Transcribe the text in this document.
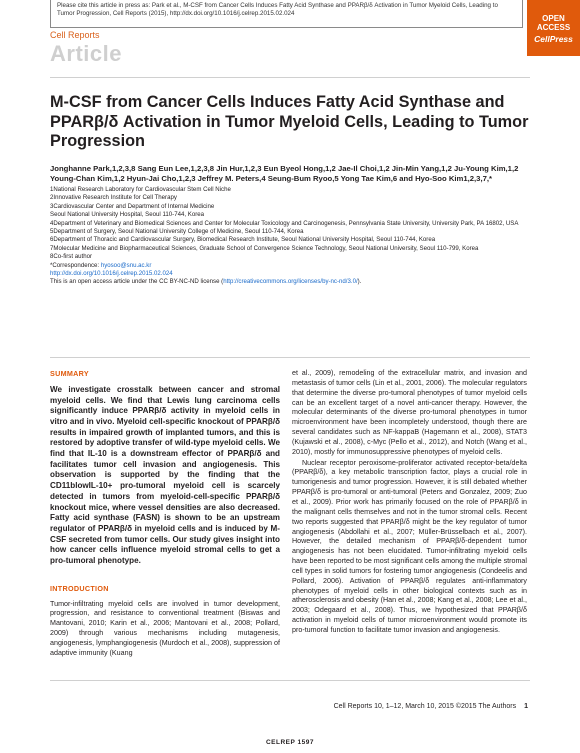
Please cite this article in press as: Park et al., M-CSF from Cancer Cells Induces Fatty Acid Synthase and PPARβ/δ Activation in Tumor Myeloid Cells, Leading to Tumor Progression, Cell Reports (2015), http://dx.doi.org/10.1016/j.celrep.2015.02.024
Cell Reports
Article
OPEN
ACCESS
CellPress
M-CSF from Cancer Cells Induces Fatty Acid Synthase and PPARβ/δ Activation in Tumor Myeloid Cells, Leading to Tumor Progression
Jonghanne Park,1,2,3,8 Sang Eun Lee,1,2,3,8 Jin Hur,1,2,3 Eun Byeol Hong,1,2 Jae-Il Choi,1,2 Jin-Min Yang,1,2 Ju-Young Kim,1,2 Young-Chan Kim,1,2 Hyun-Jai Cho,1,2,3 Jeffrey M. Peters,4 Seung-Bum Ryoo,5 Yong Tae Kim,6 and Hyo-Soo Kim1,2,3,7,*
1National Research Laboratory for Cardiovascular Stem Cell Niche
2Innovative Research Institute for Cell Therapy
3Cardiovascular Center and Department of Internal Medicine
Seoul National University Hospital, Seoul 110-744, Korea
4Department of Veterinary and Biomedical Sciences and Center for Molecular Toxicology and Carcinogenesis, Pennsylvania State University, University Park, PA 16802, USA
5Department of Surgery, Seoul National University College of Medicine, Seoul 110-744, Korea
6Department of Thoracic and Cardiovascular Surgery, Biomedical Research Institute, Seoul National University Hospital, Seoul 110-744, Korea
7Molecular Medicine and Biopharmaceutical Sciences, Graduate School of Convergence Science Technology, Seoul National University, Seoul 110-799, Korea
8Co-first author
*Correspondence: hyosoo@snu.ac.kr
http://dx.doi.org/10.1016/j.celrep.2015.02.024
This is an open access article under the CC BY-NC-ND license (http://creativecommons.org/licenses/by-nc-nd/3.0/).
SUMMARY
We investigate crosstalk between cancer and stromal myeloid cells. We find that Lewis lung carcinoma cells significantly induce PPARβ/δ activity in myeloid cells in vitro and in vivo. Myeloid cell-specific knockout of PPARβ/δ results in impaired growth of implanted tumors, and this is restored by adoptive transfer of wild-type myeloid cells. We find that IL-10 is a downstream effector of PPARβ/δ and facilitates tumor cell invasion and angiogenesis. This observation is supported by the finding that the CD11blowIL-10+ pro-tumoral myeloid cell is scarcely detected in tumors from myeloid-cell-specific PPARβ/δ knockout mice, where vessel densities are also decreased. Fatty acid synthase (FASN) is shown to be an upstream regulator of PPARβ/δ in myeloid cells and is induced by M-CSF secreted from tumor cells. Our study gives insight into how cancer cells influence myeloid stromal cells to get a pro-tumoral phenotype.
INTRODUCTION
Tumor-infiltrating myeloid cells are involved in tumor development, progression, and resistance to conventional treatment (Biswas and Mantovani, 2010; Karin et al., 2006; Mantovani et al., 2008; Pollard, 2009) through various mechanisms including mutagenesis, angiogenesis, lymphangiogenesis (Murdoch et al., 2008), suppression of adaptive immunity (Kuang
et al., 2009), remodeling of the extracellular matrix, and invasion and metastasis of tumor cells (Lin et al., 2001, 2006). The molecular regulators that determine the diverse pro-tumoral phenotypes of tumor myeloid cells can be an excellent target of a novel anti-cancer therapy. However, the molecular determinants of the diverse pro-tumoral phenotypes in tumor microenvironment have been incompletely understood, though there are several candidates such as NF-kappaB (Hagemann et al., 2008), STAT3 (Kujawski et al., 2008), c-Myc (Pello et al., 2012), and Notch (Wang et al., 2010), mostly for immunosuppressive phenotypes of myeloid cells.
Nuclear receptor peroxisome-proliferator activated receptor-beta/delta (PPARβ/δ), a key metabolic transcription factor, plays a crucial role in tumorigenesis and tumor progression. However, it is still debated whether PPARβ/δ is pro-tumoral or anti-tumoral (Peters and Gonzalez, 2009; Zuo et al., 2009). Prior work has primarily focused on the role of PPARβ/δ in the malignant cells themselves and not in the tumor stromal cells. Recent two reports suggested that PPARβ/δ might be the key regulator of tumor angiogenesis (Abdollahi et al., 2007; Müller-Brüsselbach et al., 2007). However, the detailed mechanism of PPARβ/δ-dependent tumor angiogenesis has not been elucidated. Tumor-infiltrating myeloid cells have been reported to be most significant cells among the multiple stromal cell types in solid tumors for fostering tumor angiogenesis (Condeelis and Pollard, 2006). Activation of PPARβ/δ regulates anti-inflammatory phenotypes of myeloid cells in other biological contexts such as in atherosclerosis and obesity (Han et al., 2008; Kang et al., 2008; Lee et al., 2003; Odegaard et al., 2008). Thus, we hypothesized that PPARβ/δ activation in myeloid cells of tumor microenvironment would promote its pro-tumoral function to facilitate tumor invasion and angiogenesis.
Cell Reports 10, 1–12, March 10, 2015 ©2015 The Authors 1
CELREP 1597
